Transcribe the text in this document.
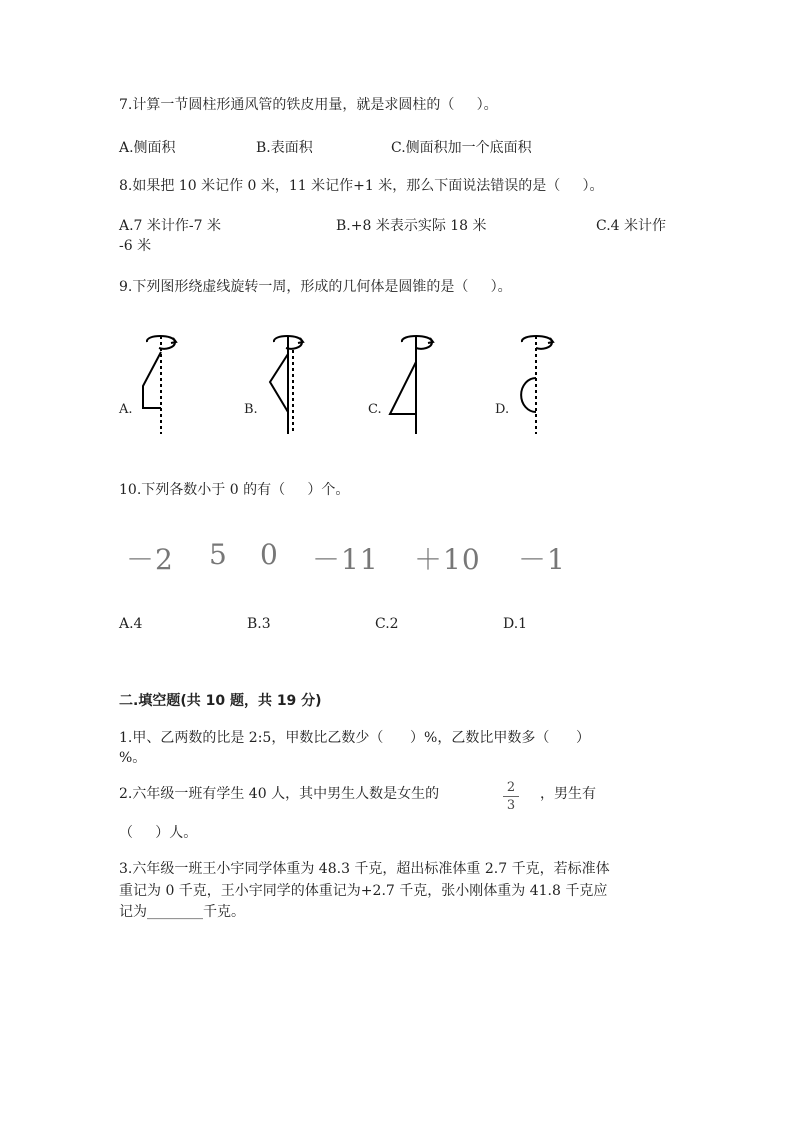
7.计算一节圆柱形通风管的铁皮用量，就是求圆柱的（     ）。
A.侧面积	B.表面积	C.侧面积加一个底面积
8.如果把 10 米记作 0 米，11 米记作+1 米，那么下面说法错误的是（     ）。
A.7 米计作-7 米	B.+8 米表示实际 18 米	C.4 米计作
-6 米
9.下列图形绕虚线旋转一周，形成的几何体是圆锥的是（     ）。
A.	B.	C.	D.
10.下列各数小于 0 的有（     ）个。
－2 5 0 －11 ＋10 －1
A.4	B.3	C.2	D.1
二.填空题(共 10 题，共 19 分)
1.甲、乙两数的比是 2:5，甲数比乙数少（      ）%，乙数比甲数多（      ）
%。
2.六年级一班有学生 40 人，其中男生人数是女生的	2
3
，男生有
（     ）人。
3.六年级一班王小宇同学体重为 48.3 千克，超出标准体重 2.7 千克，若标准体
重记为 0 千克，王小宇同学的体重记为+2.7 千克，张小刚体重为 41.8 千克应
记为________千克。
